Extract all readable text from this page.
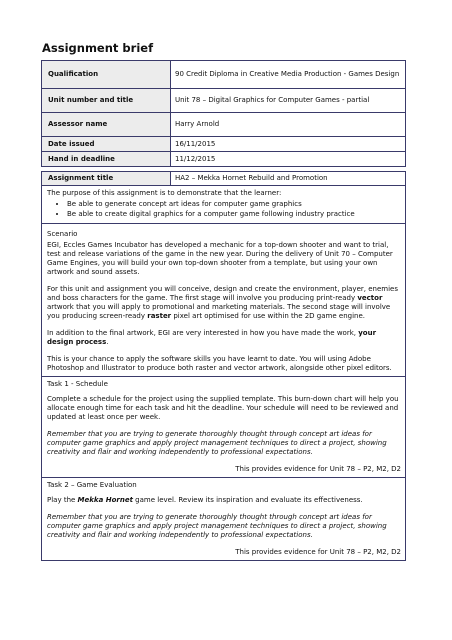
Assignment brief
Qualification	90 Credit Diploma in Creative Media Production - Games Design
Unit number and title	Unit 78 – Digital Graphics for Computer Games - partial
Assessor name	Harry Arnold
Date issued	16/11/2015
Hand in deadline	11/12/2015
Assignment title	HA2 – Mekka Hornet Rebuild and Promotion

The purpose of this assignment is to demonstrate that the learner:
• Be able to generate concept art ideas for computer game graphics
• Be able to create digital graphics for a computer game following industry practice

Scenario

EGI, Eccles Games Incubator has developed a mechanic for a top-down shooter and want to trial, test and release variations of the game in the new year. During the delivery of Unit 70 – Computer Game Engines, you will build your own top-down shooter from a template, but using your own artwork and sound assets.

For this unit and assignment you will conceive, design and create the environment, player, enemies and boss characters for the game. The first stage will involve you producing print-ready vector artwork that you will apply to promotional and marketing materials. The second stage will involve you producing screen-ready raster pixel art optimised for use within the 2D game engine.

In addition to the final artwork, EGI are very interested in how you have made the work, your design process.

This is your chance to apply the software skills you have learnt to date. You will using Adobe Photoshop and Illustrator to produce both raster and vector artwork, alongside other pixel editors.

Task 1 - Schedule

Complete a schedule for the project using the supplied template. This burn-down chart will help you allocate enough time for each task and hit the deadline. Your schedule will need to be reviewed and updated at least once per week.

Remember that you are trying to generate thoroughly thought through concept art ideas for computer game graphics and apply project management techniques to direct a project, showing creativity and flair and working independently to professional expectations.

This provides evidence for Unit 78 – P2, M2, D2

Task 2 – Game Evaluation

Play the Mekka Hornet game level. Review its inspiration and evaluate its effectiveness.

Remember that you are trying to generate thoroughly thought through concept art ideas for computer game graphics and apply project management techniques to direct a project, showing creativity and flair and working independently to professional expectations.

This provides evidence for Unit 78 – P2, M2, D2
